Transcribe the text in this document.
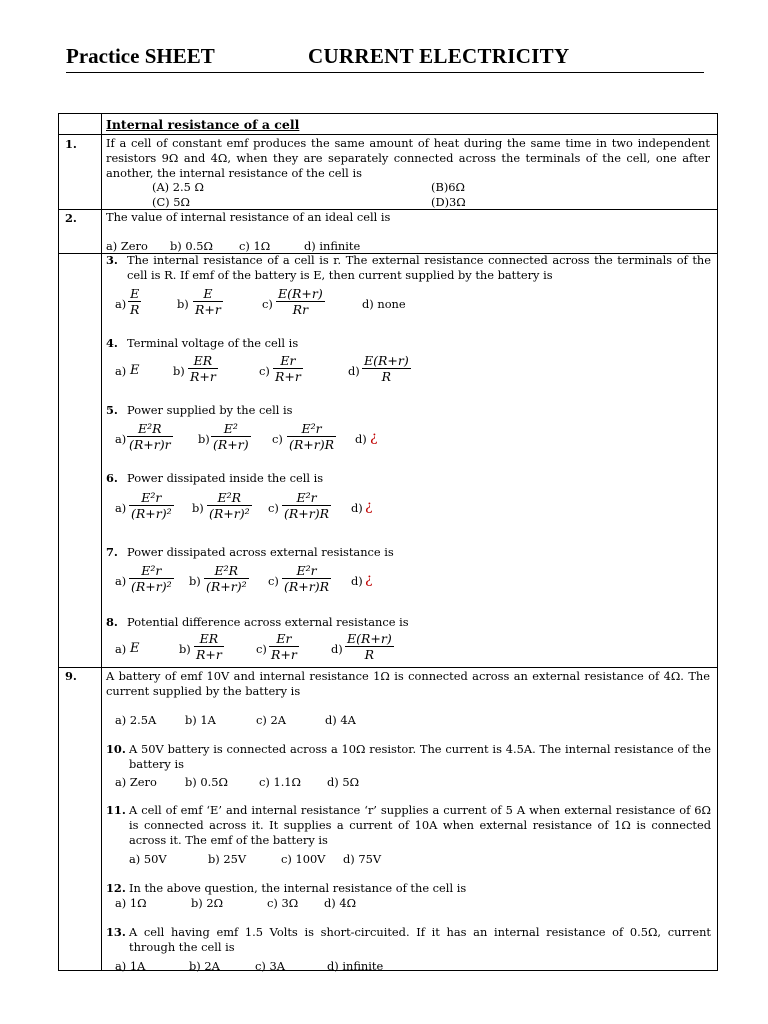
Practice SHEET	CURRENT ELECTRICITY
Internal resistance of a cell
1.	If a cell of constant emf produces the same amount of heat during the same time in two independent resistors 9Ω and 4Ω, when they are separately connected across the terminals of the cell, one after another, the internal resistance of the cell is
(A) 2.5 Ω	(B)6Ω
(C) 5Ω	(D)3Ω
2.	The value of internal resistance of an ideal cell is
a) Zero b) 0.5Ω c) 1Ω	d) infinite
3. The internal resistance of a cell is r. The external resistance connected across the terminals of the cell is R. If emf of the battery is E, then current supplied by the battery is
$a) \frac{E}{R}$	$b) \frac{E}{R+r}$	$c) \frac{E(R+r)}{Rr}$	d) none
4. Terminal voltage of the cell is
a) E	$b) \frac{ER}{R+r}$	$c) \frac{Er}{R+r}$	$d) \frac{E(R+r)}{R}$
5. Power supplied by the cell is
$a) \frac{\text{E²R}}{(R+r)r} b) \frac{\text{E²}}{(R+r)} c) \frac{\text{E²r}}{(R+r)R} d$) ¿
6. Power dissipated inside the cell is
$a) \frac{\text{E²r}}{\text{(R+r)²}} b) \frac{\text{E²R}}{\text{(R+r)²}} c) \frac{\text{E²r}}{(R+r)R} d$) ¿
7. Power dissipated across external resistance is
$a) \frac{\text{E²r}}{\text{(R+r)²}} b) \frac{\text{E²R}}{\text{(R+r)²}} c) \frac{\text{E²r}}{(R+r)R} d$) ¿
8. Potential difference across external resistance is
a) E	$b) \frac{ER}{R+r}$	$c) \frac{Er}{R+r}$	$d) \frac{E(R+r)}{R}$
9.	A battery of emf 10V and internal resistance 1Ω is connected across an external resistance of 4Ω. The current supplied by the battery is
a) 2.5A	b) 1A	c) 2A	d) 4A
10. A 50V battery is connected across a 10Ω resistor. The current is 4.5A. The internal resistance of the battery is
a) Zero b) 0.5Ω	c) 1.1Ω d) 5Ω
11. A cell of emf ‘E’ and internal resistance ‘r’ supplies a current of 5 A when external resistance of 6Ω is connected across it. It supplies a current of 10A when external resistance of 1Ω is connected across it. The emf of the battery is
a) 50V	b) 25V	c) 100V d) 75V
12. In the above question, the internal resistance of the cell is
a) 1Ω	b) 2Ω	c) 3Ω d) 4Ω
13. A cell having emf 1.5 Volts is short-circuited. If it has an internal resistance of 0.5Ω, current through the cell is
a) 1A	b) 2A	c) 3A	d) infinite
